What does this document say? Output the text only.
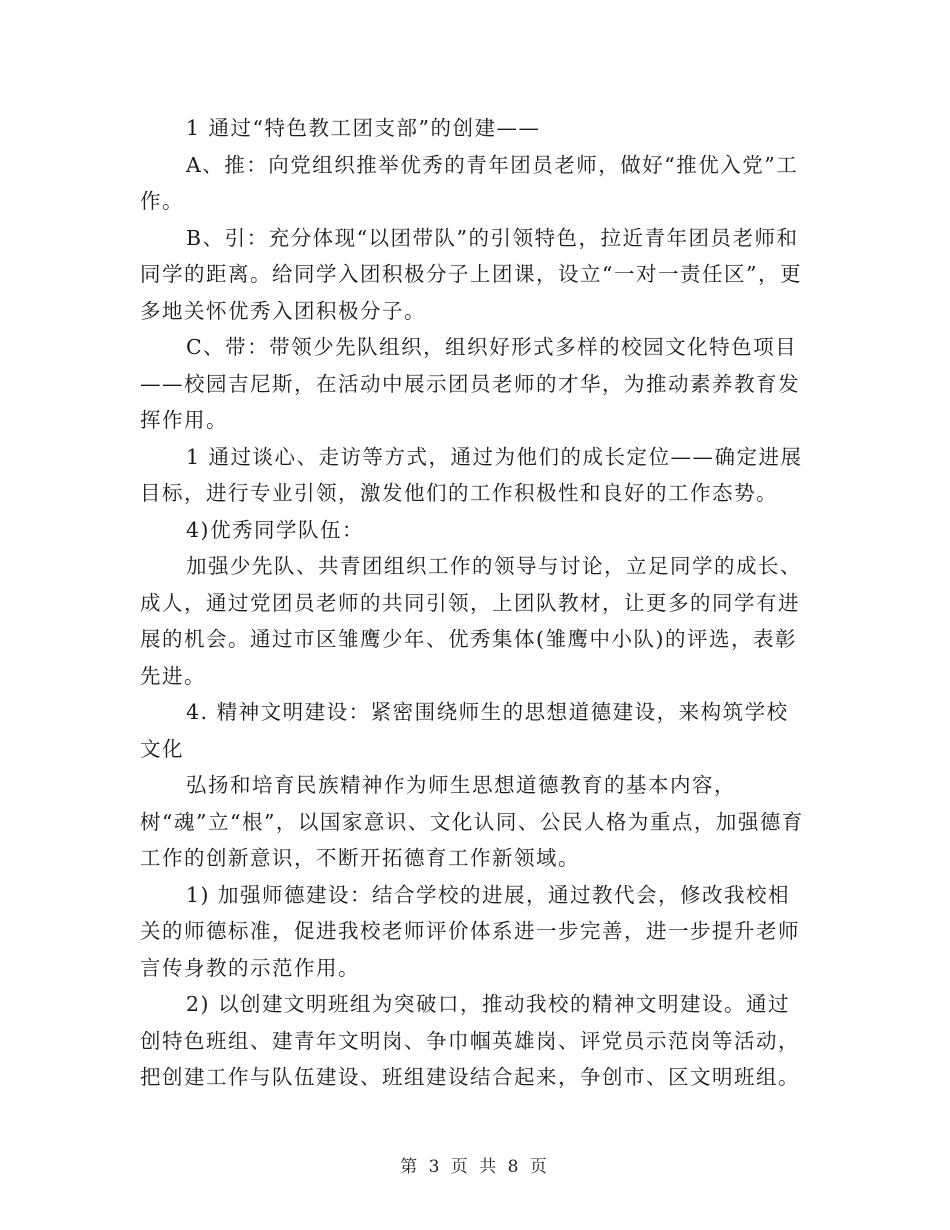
1 通过“特色教工团支部”的创建——

A、推：向党组织推举优秀的青年团员老师，做好“推优入党”工作。

B、引：充分体现“以团带队”的引领特色，拉近青年团员老师和同学的距离。给同学入团积极分子上团课，设立“一对一责任区”，更多地关怀优秀入团积极分子。

C、带：带领少先队组织，组织好形式多样的校园文化特色项目——校园吉尼斯，在活动中展示团员老师的才华，为推动素养教育发挥作用。

1 通过谈心、走访等方式，通过为他们的成长定位——确定进展目标，进行专业引领，激发他们的工作积极性和良好的工作态势。

4)优秀同学队伍：

加强少先队、共青团组织工作的领导与讨论，立足同学的成长、成人，通过党团员老师的共同引领，上团队教材，让更多的同学有进展的机会。通过市区雏鹰少年、优秀集体(雏鹰中小队)的评选，表彰先进。

4. 精神文明建设：紧密围绕师生的思想道德建设，来构筑学校文化

弘扬和培育民族精神作为师生思想道德教育的基本内容，树“魂”立“根”，以国家意识、文化认同、公民人格为重点，加强德育工作的创新意识，不断开拓德育工作新领域。

1) 加强师德建设：结合学校的进展，通过教代会，修改我校相关的师德标准，促进我校老师评价体系进一步完善，进一步提升老师言传身教的示范作用。

2) 以创建文明班组为突破口，推动我校的精神文明建设。通过创特色班组、建青年文明岗、争巾帼英雄岗、评党员示范岗等活动，把创建工作与队伍建设、班组建设结合起来，争创市、区文明班组。

第 3 页 共 8 页
